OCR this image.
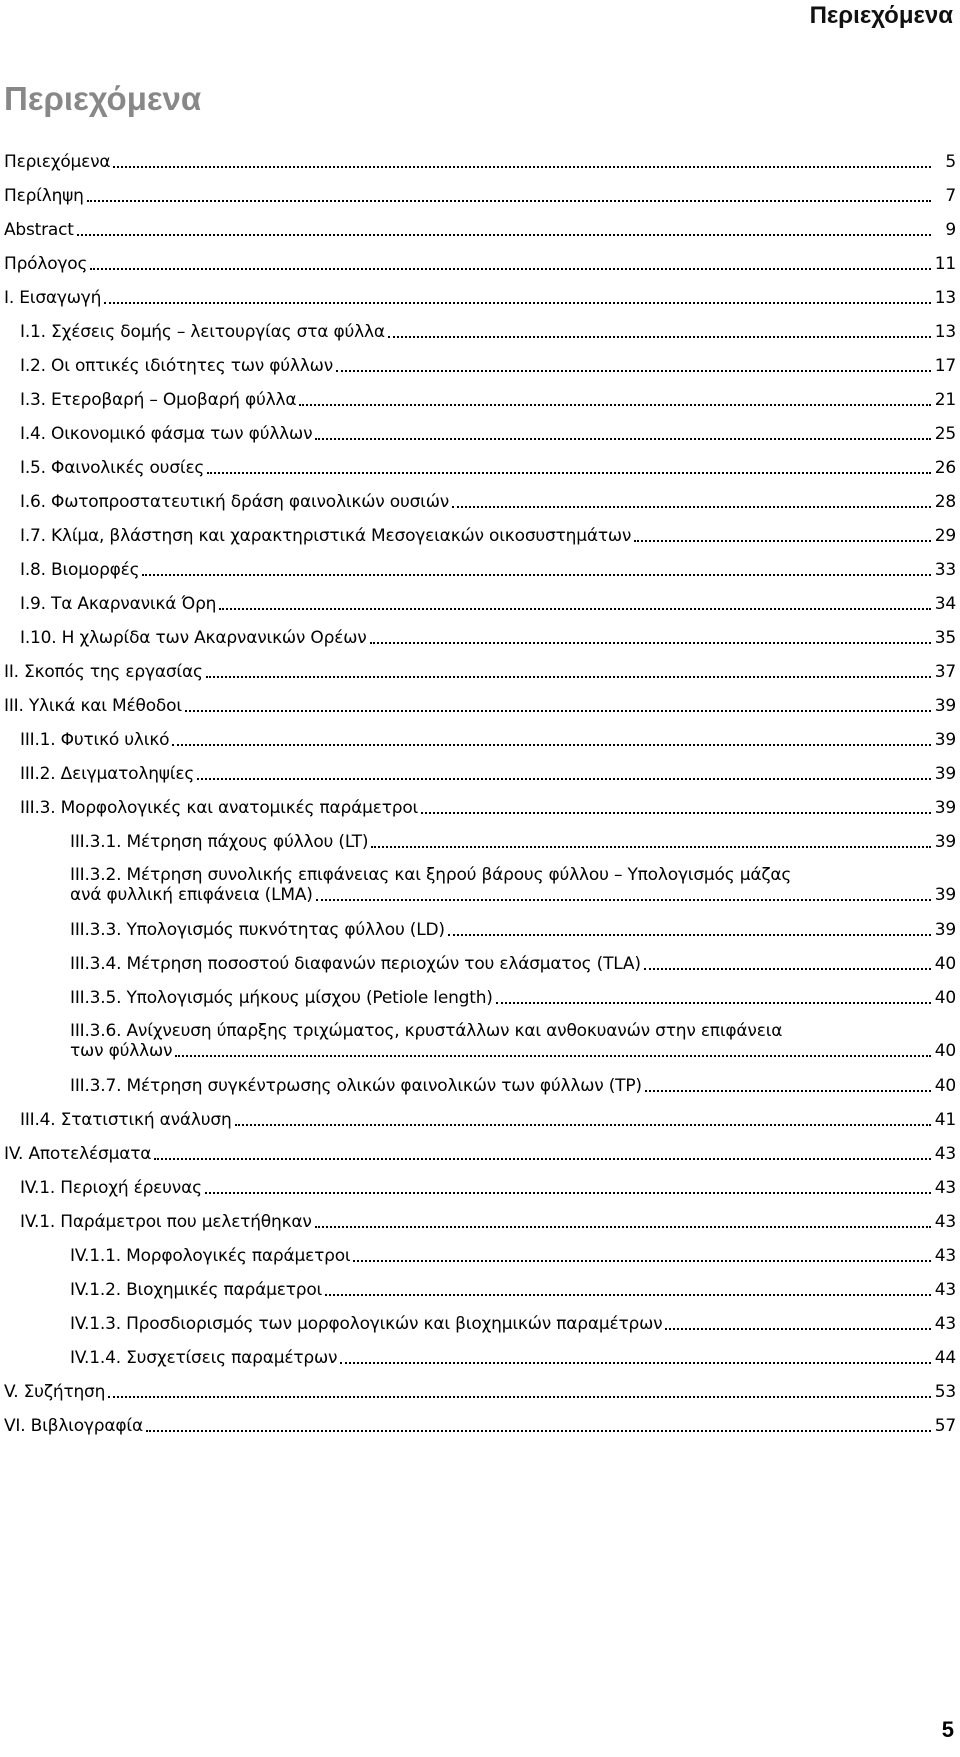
Περιεχόμενα
Περιεχόμενα
Περιεχόμενα	5
Περίληψη	7
Abstract	9
Πρόλογος	11
I. Εισαγωγή	13
I.1. Σχέσεις δομής – λειτουργίας στα φύλλα	13
I.2. Οι οπτικές ιδιότητες των φύλλων	17
I.3. Ετεροβαρή – Ομοβαρή φύλλα	21
I.4. Οικονομικό φάσμα των φύλλων	25
I.5. Φαινολικές ουσίες	26
I.6. Φωτοπροστατευτική δράση φαινολικών ουσιών	28
I.7. Κλίμα, βλάστηση και χαρακτηριστικά Μεσογειακών οικοσυστημάτων	29
I.8. Βιομορφές	33
I.9. Τα Ακαρνανικά Όρη	34
I.10. Η χλωρίδα των Ακαρνανικών Ορέων	35
II. Σκοπός της εργασίας	37
III. Υλικά και Μέθοδοι	39
III.1. Φυτικό υλικό	39
III.2. Δειγματοληψίες	39
III.3. Μορφολογικές και ανατομικές παράμετροι	39
III.3.1. Μέτρηση πάχους φύλλου (LT)	39
III.3.2. Μέτρηση συνολικής επιφάνειας και ξηρού βάρους φύλλου – Υπολογισμός μάζας
ανά φυλλική επιφάνεια (LMA)	39
III.3.3. Υπολογισμός πυκνότητας φύλλου (LD)	39
III.3.4. Μέτρηση ποσοστού διαφανών περιοχών του ελάσματος (TLA)	40
III.3.5. Υπολογισμός μήκους μίσχου (Petiole length)	40
III.3.6. Ανίχνευση ύπαρξης τριχώματος, κρυστάλλων και ανθοκυανών στην επιφάνεια
των φύλλων	40
III.3.7. Μέτρηση συγκέντρωσης ολικών φαινολικών των φύλλων (TP)	40
III.4. Στατιστική ανάλυση	41
IV. Αποτελέσματα	43
IV.1. Περιοχή έρευνας	43
IV.1. Παράμετροι που μελετήθηκαν	43
IV.1.1. Μορφολογικές παράμετροι	43
IV.1.2. Βιοχημικές παράμετροι	43
IV.1.3. Προσδιορισμός των μορφολογικών και βιοχημικών παραμέτρων	43
IV.1.4. Συσχετίσεις παραμέτρων	44
V. Συζήτηση	53
VI. Βιβλιογραφία	57
5
